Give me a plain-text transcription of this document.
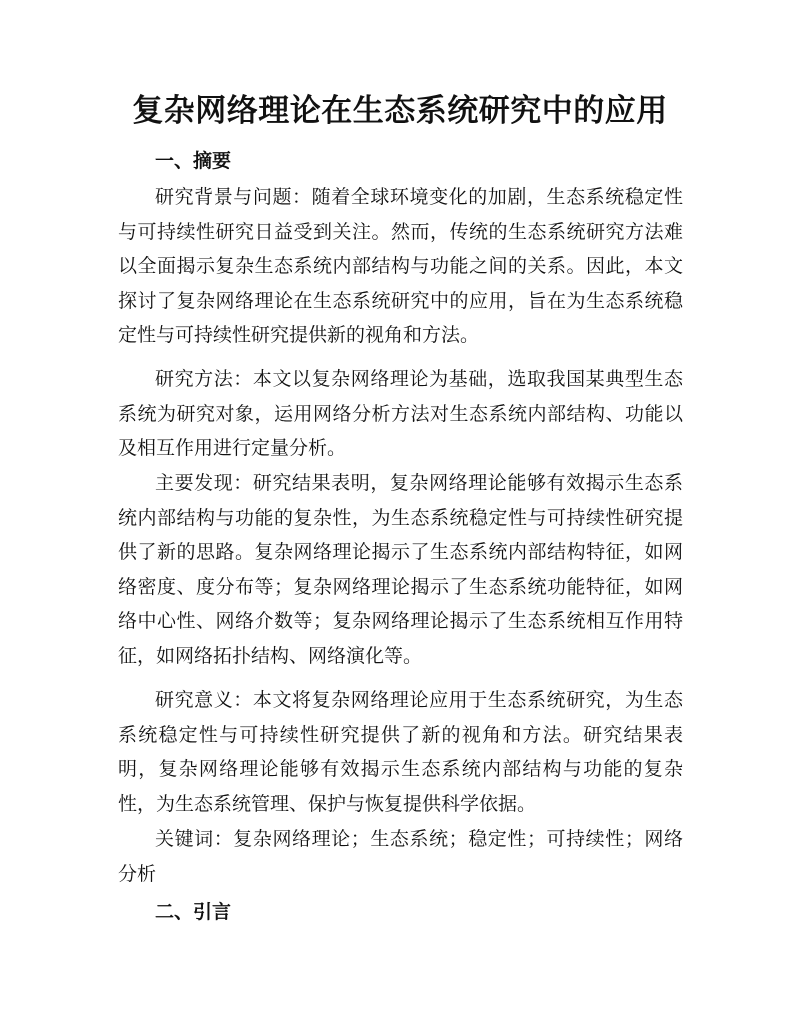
复杂网络理论在生态系统研究中的应用
一、摘要

研究背景与问题：随着全球环境变化的加剧，生态系统稳定性与可持续性研究日益受到关注。然而，传统的生态系统研究方法难以全面揭示复杂生态系统内部结构与功能之间的关系。因此，本文探讨了复杂网络理论在生态系统研究中的应用，旨在为生态系统稳定性与可持续性研究提供新的视角和方法。

研究方法：本文以复杂网络理论为基础，选取我国某典型生态系统为研究对象，运用网络分析方法对生态系统内部结构、功能以及相互作用进行定量分析。

主要发现：研究结果表明，复杂网络理论能够有效揭示生态系统内部结构与功能的复杂性，为生态系统稳定性与可持续性研究提供了新的思路。复杂网络理论揭示了生态系统内部结构特征，如网络密度、度分布等；复杂网络理论揭示了生态系统功能特征，如网络中心性、网络介数等；复杂网络理论揭示了生态系统相互作用特征，如网络拓扑结构、网络演化等。

研究意义：本文将复杂网络理论应用于生态系统研究，为生态系统稳定性与可持续性研究提供了新的视角和方法。研究结果表明，复杂网络理论能够有效揭示生态系统内部结构与功能的复杂性，为生态系统管理、保护与恢复提供科学依据。

关键词：复杂网络理论；生态系统；稳定性；可持续性；网络分析

二、引言
